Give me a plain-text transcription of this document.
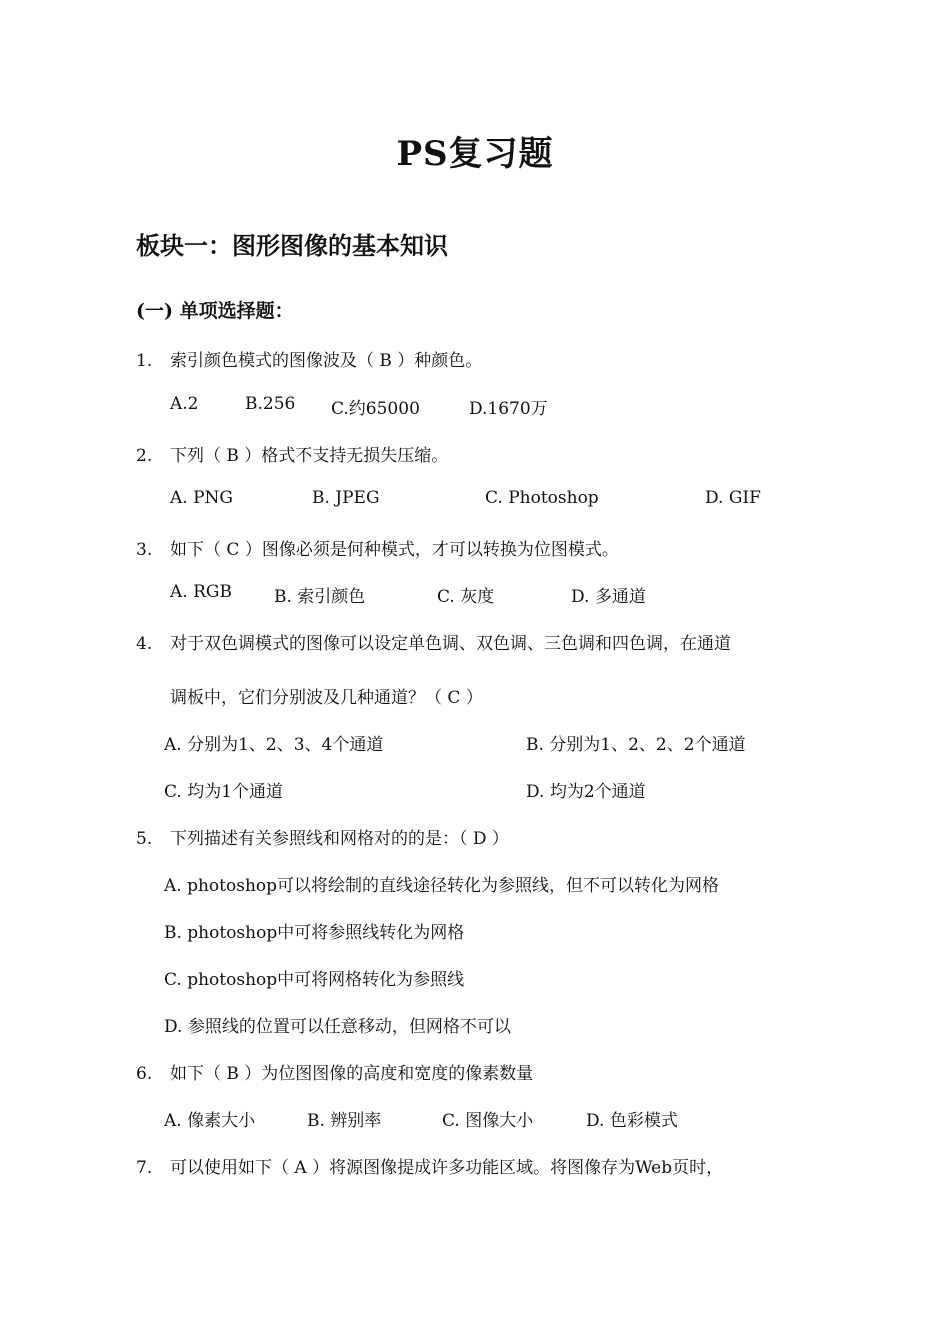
PS复习题
板块一：图形图像的基本知识
(一) 单项选择题：
1. 索引颜色模式的图像波及（ B ）种颜色。
A.2	B.256 C.约65000	D.1670万
2. 下列（ B ）格式不支持无损失压缩。
A. PNG	B. JPEG	C. Photoshop	D. GIF
3. 如下（ C ）图像必须是何种模式，才可以转换为位图模式。
A. RGB B. 索引颜色	C. 灰度	D. 多通道
4. 对于双色调模式的图像可以设定单色调、双色调、三色调和四色调，在通道
调板中，它们分别波及几种通道？（ C ）
A. 分别为1、2、3、4个通道	B. 分别为1、2、2、2个通道
C. 均为1个通道	D. 均为2个通道
5. 下列描述有关参照线和网格对的的是：（ D ）
A. photoshop可以将绘制的直线途径转化为参照线，但不可以转化为网格
B. photoshop中可将参照线转化为网格
C. photoshop中可将网格转化为参照线
D. 参照线的位置可以任意移动，但网格不可以
6. 如下（ B ）为位图图像的高度和宽度的像素数量
A. 像素大小	B. 辨别率	C. 图像大小	D. 色彩模式
7. 可以使用如下（ A ）将源图像提成许多功能区域。将图像存为Web页时，
